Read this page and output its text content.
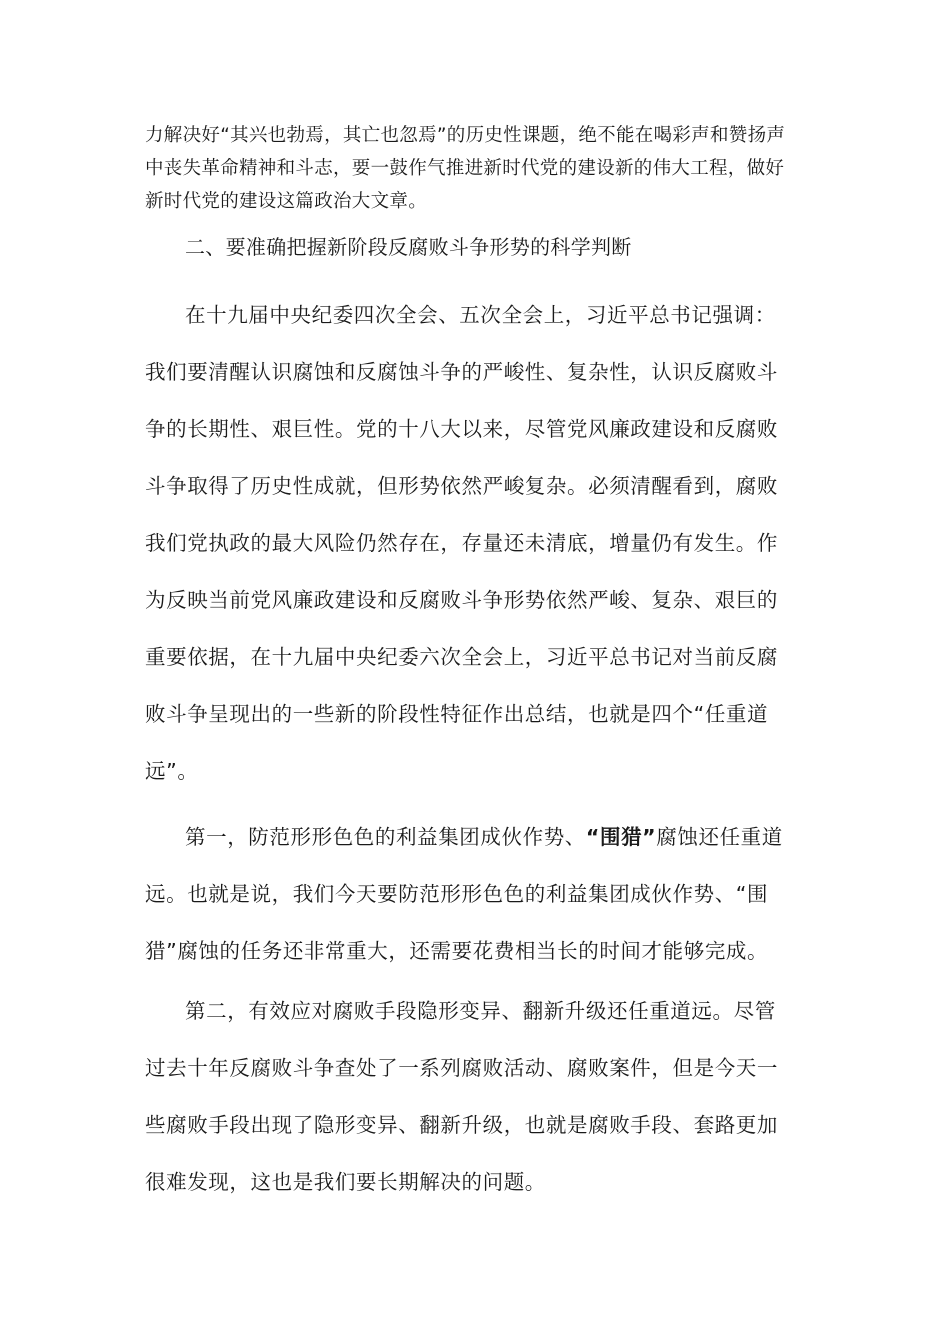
力解决好“其兴也勃焉，其亡也忽焉”的历史性课题，绝不能在喝彩声和赞扬声
中丧失革命精神和斗志，要一鼓作气推进新时代党的建设新的伟大工程，做好
新时代党的建设这篇政治大文章。
二、要准确把握新阶段反腐败斗争形势的科学判断
在十九届中央纪委四次全会、五次全会上，习近平总书记强调：
我们要清醒认识腐蚀和反腐蚀斗争的严峻性、复杂性，认识反腐败斗
争的长期性、艰巨性。党的十八大以来，尽管党风廉政建设和反腐败
斗争取得了历史性成就，但形势依然严峻复杂。必须清醒看到，腐败
我们党执政的最大风险仍然存在，存量还未清底，增量仍有发生。作
为反映当前党风廉政建设和反腐败斗争形势依然严峻、复杂、艰巨的
重要依据，在十九届中央纪委六次全会上，习近平总书记对当前反腐
败斗争呈现出的一些新的阶段性特征作出总结，也就是四个“任重道
远”。
第一，防范形形色色的利益集团成伙作势、“围猎”腐蚀还任重道
远。也就是说，我们今天要防范形形色色的利益集团成伙作势、“围
猎”腐蚀的任务还非常重大，还需要花费相当长的时间才能够完成。
第二，有效应对腐败手段隐形变异、翻新升级还任重道远。尽管
过去十年反腐败斗争查处了一系列腐败活动、腐败案件，但是今天一
些腐败手段出现了隐形变异、翻新升级，也就是腐败手段、套路更加
很难发现，这也是我们要长期解决的问题。
